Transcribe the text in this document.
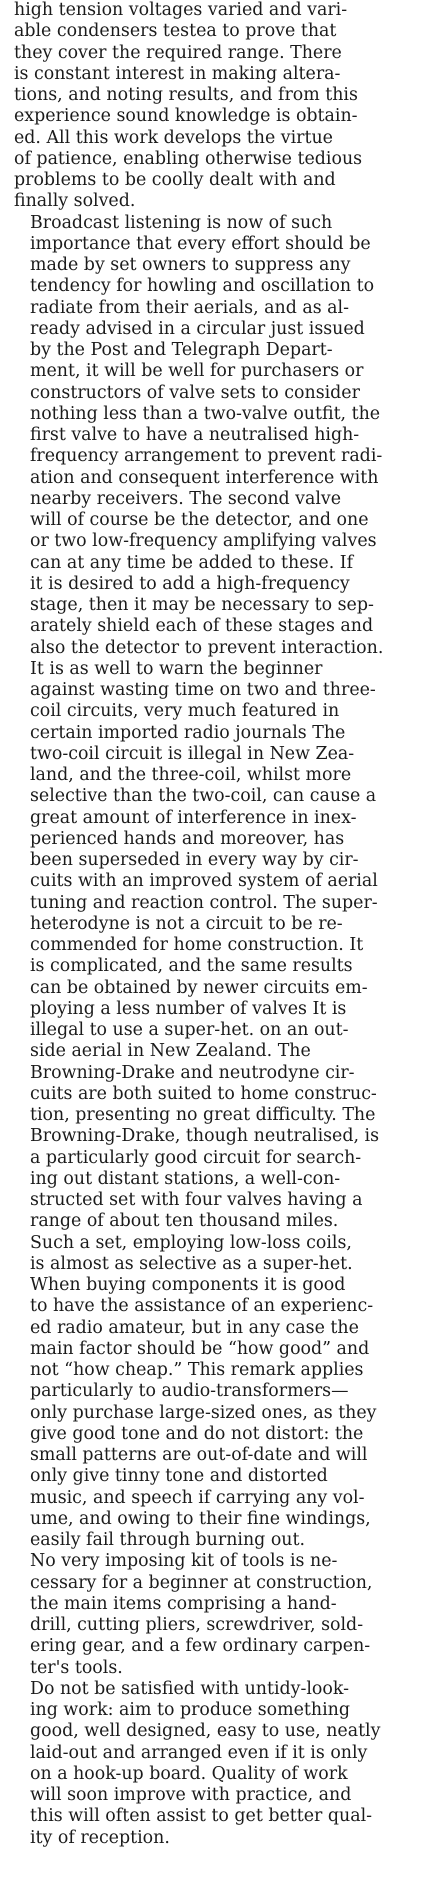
high tension voltages varied and vari-
able condensers testea to prove that
they cover the required range. There
is constant interest in making altera-
tions, and noting results, and from this
experience sound knowledge is obtain-
ed. All this work develops the virtue
of patience, enabling otherwise tedious
problems to be coolly dealt with and
finally solved.
Broadcast listening is now of such
importance that every effort should be
made by set owners to suppress any
tendency for howling and oscillation to
radiate from their aerials, and as al-
ready advised in a circular just issued
by the Post and Telegraph Depart-
ment, it will be well for purchasers or
constructors of valve sets to consider
nothing less than a two-valve outfit, the
first valve to have a neutralised high-
frequency arrangement to prevent radi-
ation and consequent interference with
nearby receivers. The second valve
will of course be the detector, and one
or two low-frequency amplifying valves
can at any time be added to these. If
it is desired to add a high-frequency
stage, then it may be necessary to sep-
arately shield each of these stages and
also the detector to prevent interaction.
It is as well to warn the beginner
against wasting time on two and three-
coil circuits, very much featured in
certain imported radio journals The
two-coil circuit is illegal in New Zea-
land, and the three-coil, whilst more
selective than the two-coil, can cause a
great amount of interference in inex-
perienced hands and moreover, has
been superseded in every way by cir-
cuits with an improved system of aerial
tuning and reaction control. The super-
heterodyne is not a circuit to be re-
commended for home construction. It
is complicated, and the same results
can be obtained by newer circuits em-
ploying a less number of valves It is
illegal to use a super-het. on an out-
side aerial in New Zealand. The
Browning-Drake and neutrodyne cir-
cuits are both suited to home construc-
tion, presenting no great difficulty. The
Browning-Drake, though neutralised, is
a particularly good circuit for search-
ing out distant stations, a well-con-
structed set with four valves having a
range of about ten thousand miles.
Such a set, employing low-loss coils,
is almost as selective as a super-het.
When buying components it is good
to have the assistance of an experienc-
ed radio amateur, but in any case the
main factor should be “how good” and
not “how cheap.” This remark applies
particularly to audio-transformers—
only purchase large-sized ones, as they
give good tone and do not distort: the
small patterns are out-of-date and will
only give tinny tone and distorted
music, and speech if carrying any vol-
ume, and owing to their fine windings,
easily fail through burning out.
No very imposing kit of tools is ne-
cessary for a beginner at construction,
the main items comprising a hand-
drill, cutting pliers, screwdriver, sold-
ering gear, and a few ordinary carpen-
ter's tools.
Do not be satisfied with untidy-look-
ing work: aim to produce something
good, well designed, easy to use, neatly
laid-out and arranged even if it is only
on a hook-up board. Quality of work
will soon improve with practice, and
this will often assist to get better qual-
ity of reception.
